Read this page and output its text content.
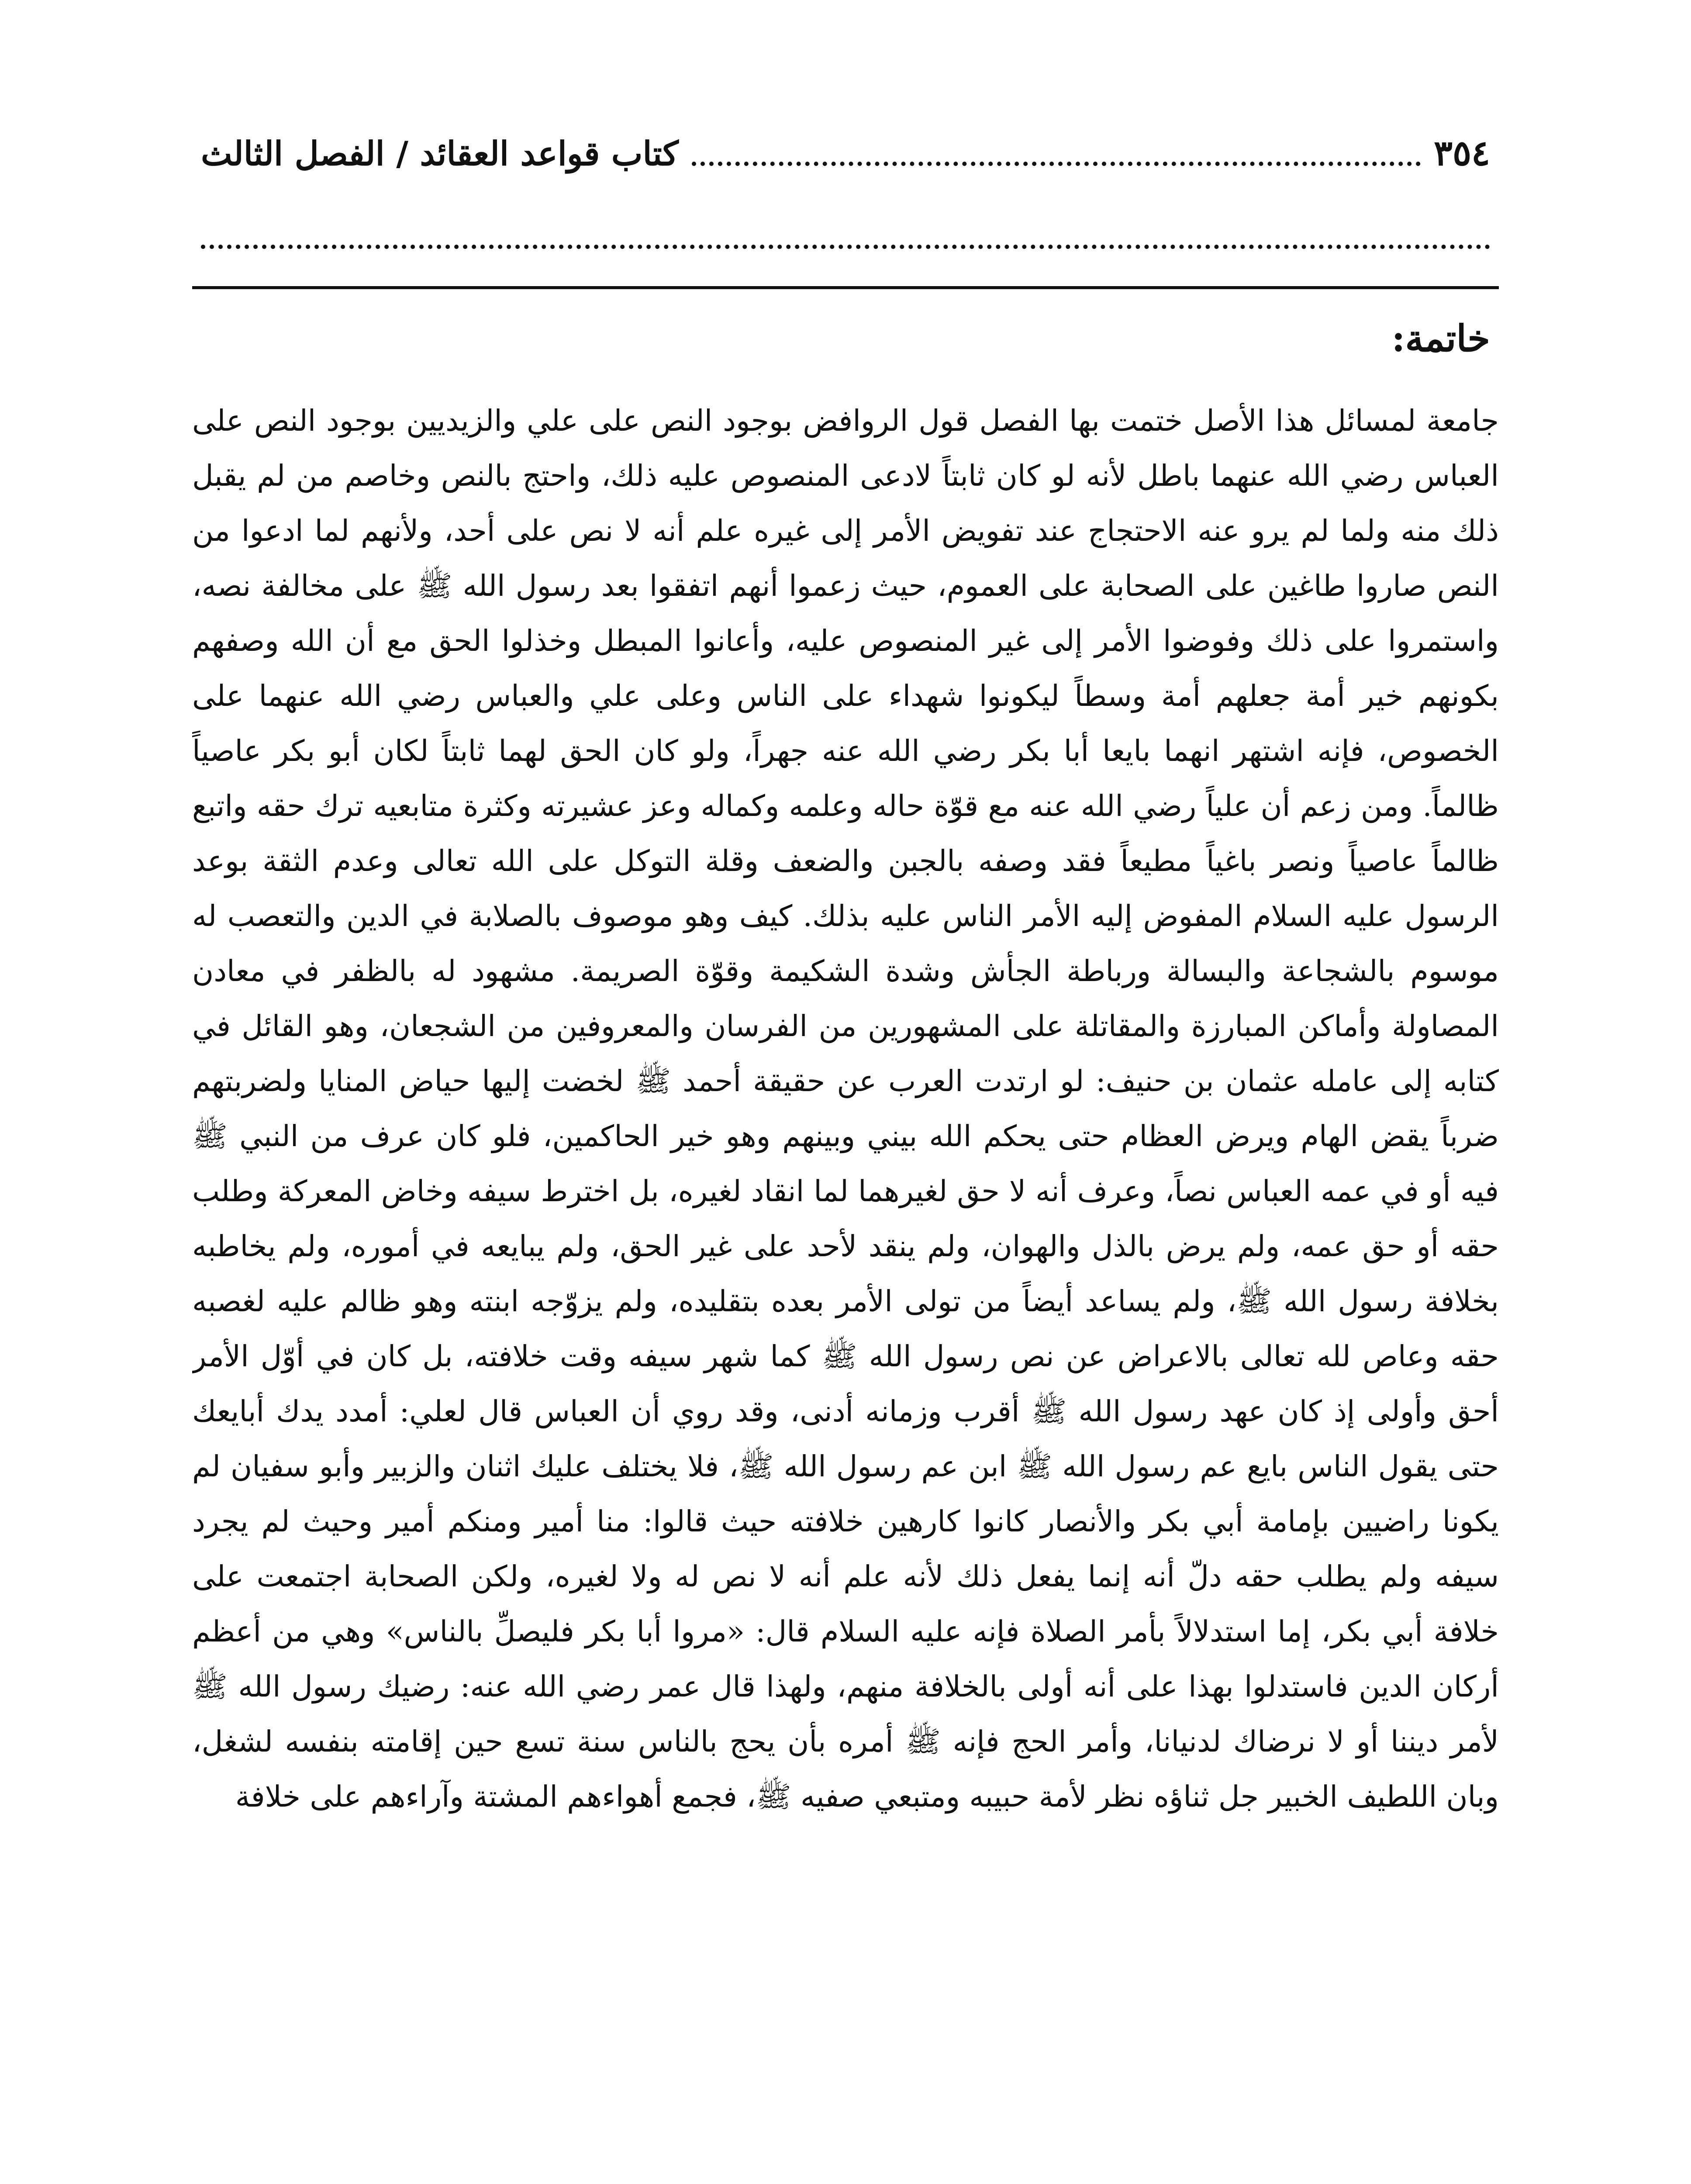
٣٥٤
كتاب قواعد العقائد / الفصل الثالث
خاتمة:

جامعة لمسائل هذا الأصل ختمت بها الفصل قول الروافض بوجود النص على علي والزيديين بوجود النص على العباس رضي الله عنهما باطل لأنه لو كان ثابتاً لادعى المنصوص عليه ذلك، واحتج بالنص وخاصم من لم يقبل ذلك منه ولما لم يرو عنه الاحتجاج عند تفويض الأمر إلى غيره علم أنه لا نص على أحد، ولأنهم لما ادعوا من النص صاروا طاغين على الصحابة على العموم، حيث زعموا أنهم اتفقوا بعد رسول الله ﷺ على مخالفة نصه، واستمروا على ذلك وفوضوا الأمر إلى غير المنصوص عليه، وأعانوا المبطل وخذلوا الحق مع أن الله وصفهم بكونهم خير أمة جعلهم أمة وسطاً ليكونوا شهداء على الناس وعلى علي والعباس رضي الله عنهما على الخصوص، فإنه اشتهر انهما بايعا أبا بكر رضي الله عنه جهراً، ولو كان الحق لهما ثابتاً لكان أبو بكر عاصياً ظالماً. ومن زعم أن علياً رضي الله عنه مع قوّة حاله وعلمه وكماله وعز عشيرته وكثرة متابعيه ترك حقه واتبع ظالماً عاصياً ونصر باغياً مطيعاً فقد وصفه بالجبن والضعف وقلة التوكل على الله تعالى وعدم الثقة بوعد الرسول عليه السلام المفوض إليه الأمر الناس عليه بذلك. كيف وهو موصوف بالصلابة في الدين والتعصب له موسوم بالشجاعة والبسالة ورباطة الجأش وشدة الشكيمة وقوّة الصريمة. مشهود له بالظفر في معادن المصاولة وأماكن المبارزة والمقاتلة على المشهورين من الفرسان والمعروفين من الشجعان، وهو القائل في كتابه إلى عامله عثمان بن حنيف: لو ارتدت العرب عن حقيقة أحمد ﷺ لخضت إليها حياض المنايا ولضربتهم ضرباً يقض الهام ويرض العظام حتى يحكم الله بيني وبينهم وهو خير الحاكمين، فلو كان عرف من النبي ﷺ فيه أو في عمه العباس نصاً، وعرف أنه لا حق لغيرهما لما انقاد لغيره، بل اخترط سيفه وخاض المعركة وطلب حقه أو حق عمه، ولم يرض بالذل والهوان، ولم ينقد لأحد على غير الحق، ولم يبايعه في أموره، ولم يخاطبه بخلافة رسول الله ﷺ، ولم يساعد أيضاً من تولى الأمر بعده بتقليده، ولم يزوّجه ابنته وهو ظالم عليه لغصبه حقه وعاص لله تعالى بالاعراض عن نص رسول الله ﷺ كما شهر سيفه وقت خلافته، بل كان في أوّل الأمر أحق وأولى إذ كان عهد رسول الله ﷺ أقرب وزمانه أدنى، وقد روي أن العباس قال لعلي: أمدد يدك أبايعك حتى يقول الناس بايع عم رسول الله ﷺ ابن عم رسول الله ﷺ، فلا يختلف عليك اثنان والزبير وأبو سفيان لم يكونا راضيين بإمامة أبي بكر والأنصار كانوا كارهين خلافته حيث قالوا: منا أمير ومنكم أمير وحيث لم يجرد سيفه ولم يطلب حقه دلّ أنه إنما يفعل ذلك لأنه علم أنه لا نص له ولا لغيره، ولكن الصحابة اجتمعت على خلافة أبي بكر، إما استدلالاً بأمر الصلاة فإنه عليه السلام قال: «مروا أبا بكر فليصلِّ بالناس» وهي من أعظم أركان الدين فاستدلوا بهذا على أنه أولى بالخلافة منهم، ولهذا قال عمر رضي الله عنه: رضيك رسول الله ﷺ لأمر ديننا أو لا نرضاك لدنيانا، وأمر الحج فإنه ﷺ أمره بأن يحج بالناس سنة تسع حين إقامته بنفسه لشغل، وبان اللطيف الخبير جل ثناؤه نظر لأمة حبيبه ومتبعي صفيه ﷺ، فجمع أهواءهم المشتة وآراءهم على خلافة
